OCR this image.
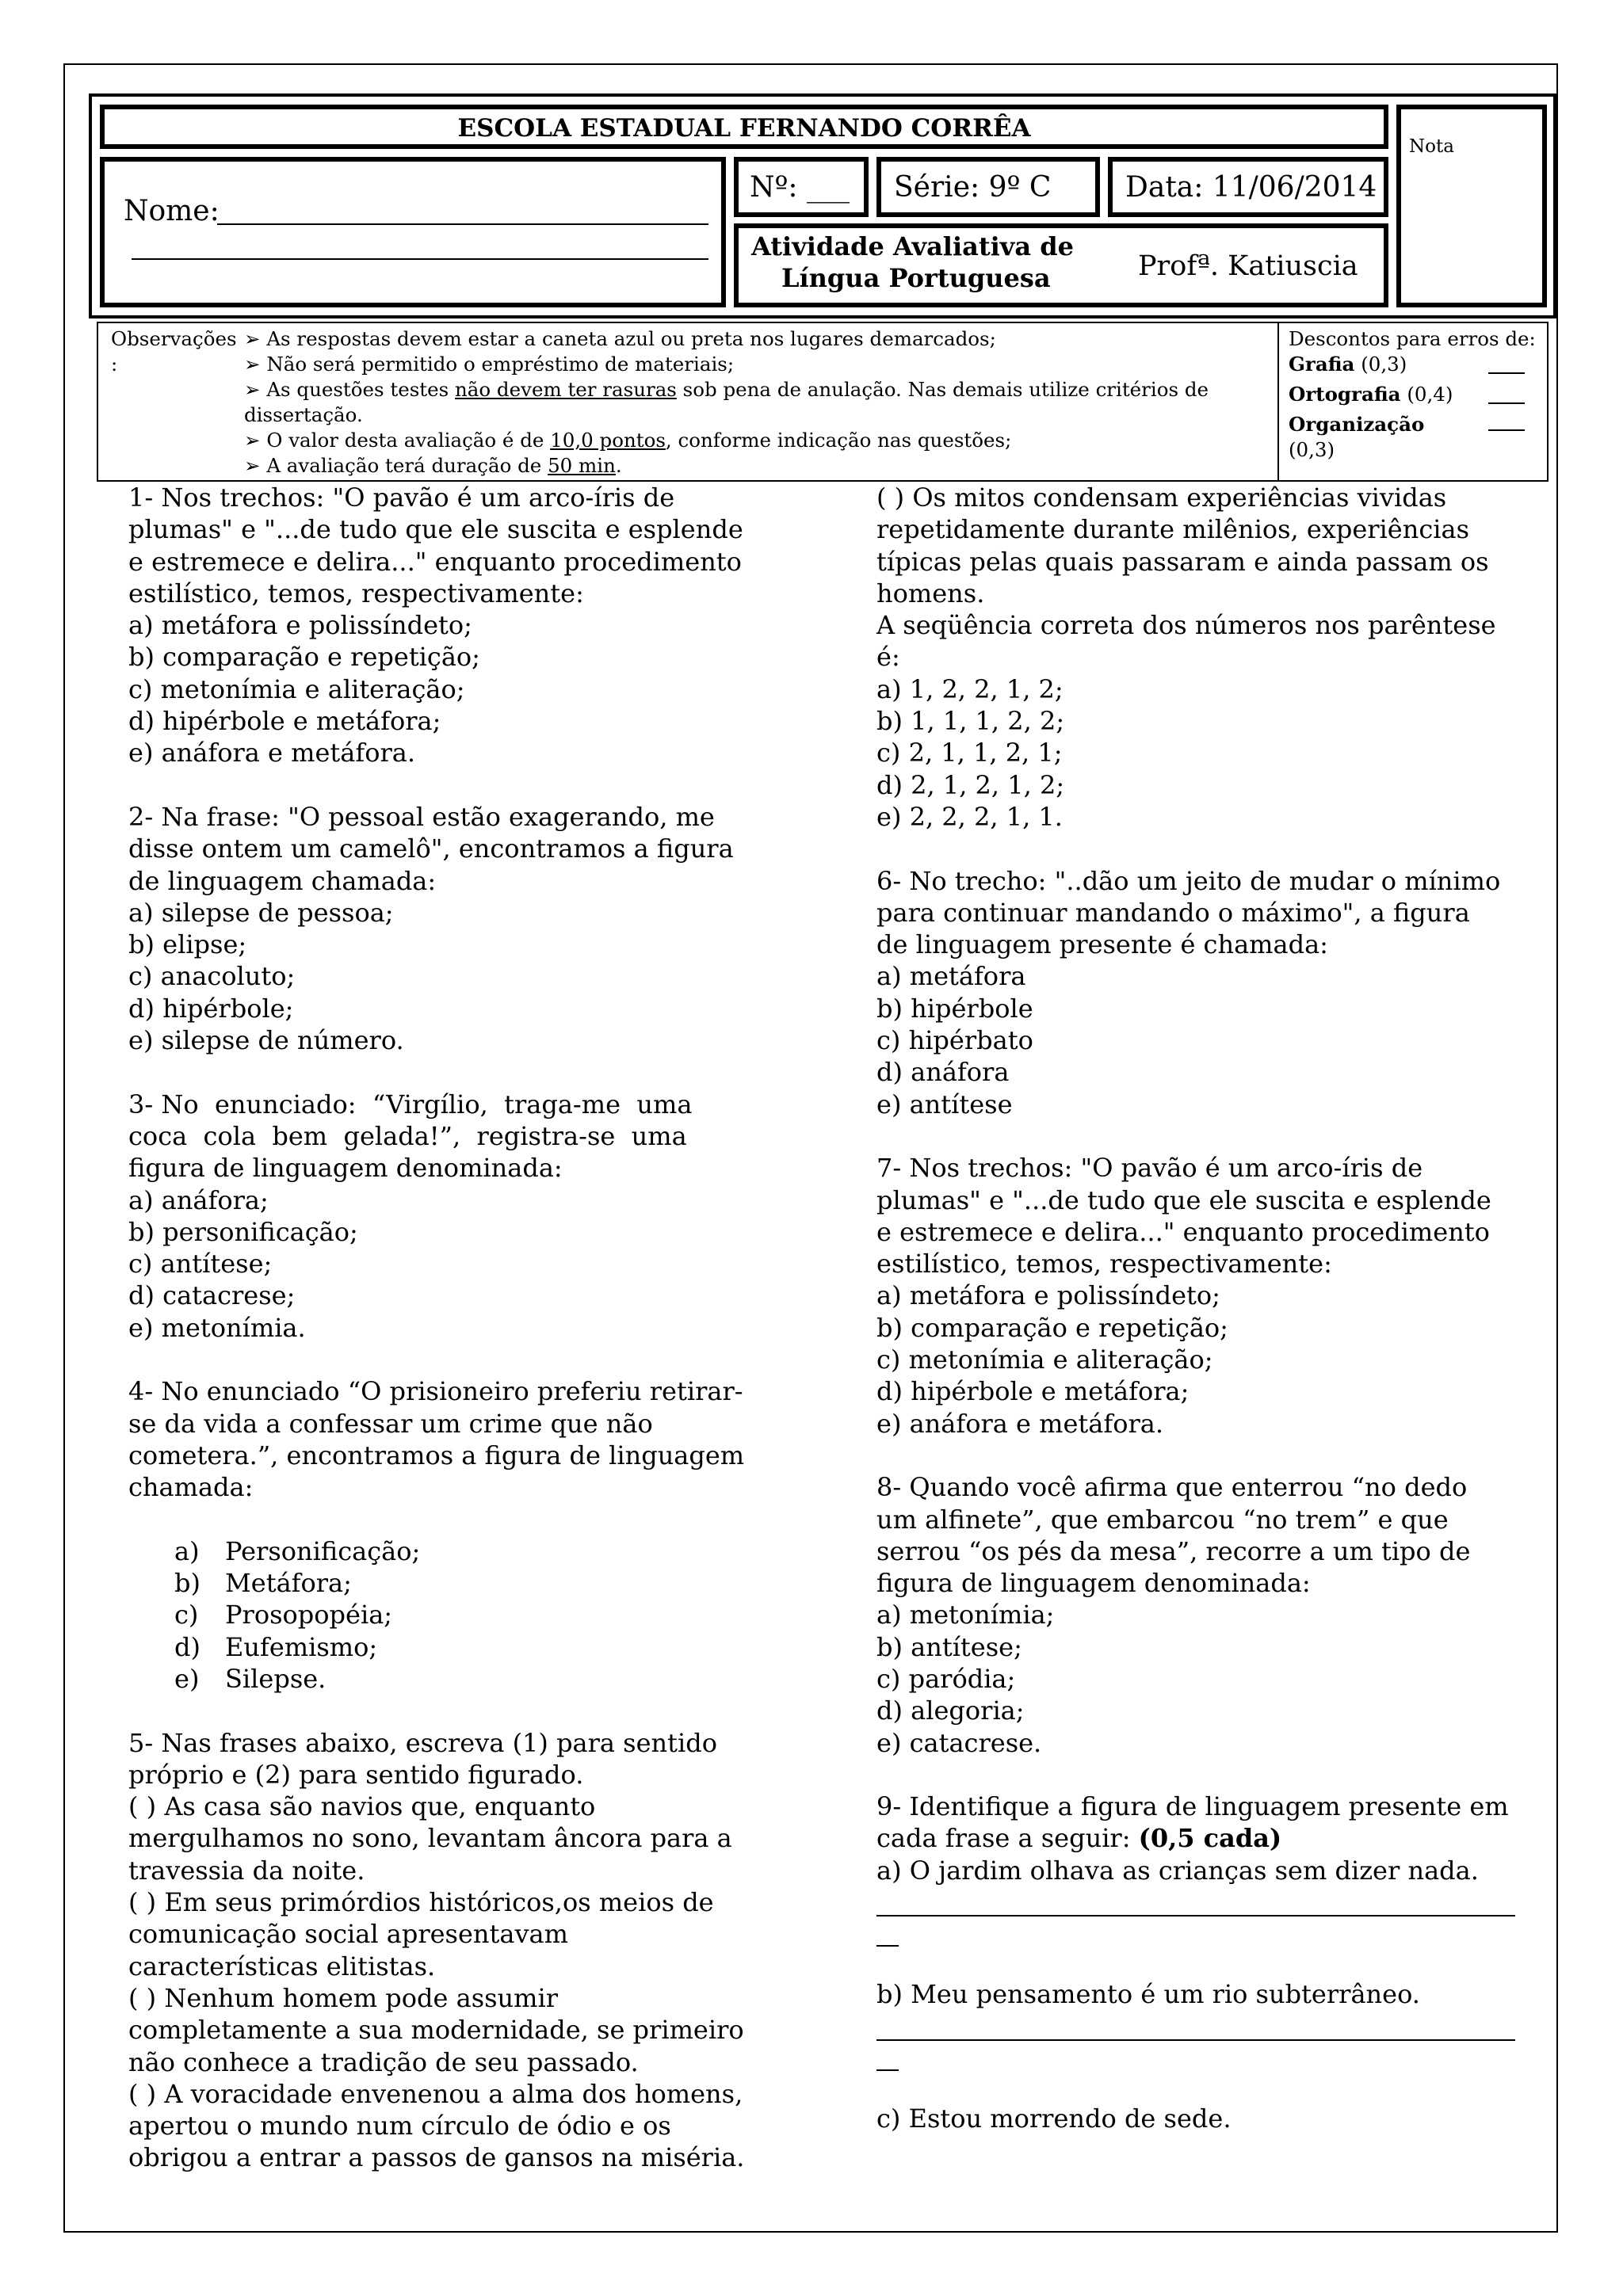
ESCOLA ESTADUAL FERNANDO CORRÊA
Nome:
Nº: ___ Série: 9º C	Data: 11/06/2014
Atividade Avaliativa de
Língua Portuguesa	Profª. Katiuscia
Nota
Observações :
➢ As respostas devem estar a caneta azul ou preta nos lugares demarcados;
➢ Não será permitido o empréstimo de materiais;
➢ As questões testes não devem ter rasuras sob pena de anulação. Nas demais utilize critérios de dissertação.
➢ O valor desta avaliação é de 10,0 pontos, conforme indicação nas questões;
➢ A avaliação terá duração de 50 min.
Descontos para erros de:
Grafia (0,3)
Ortografia (0,4)
Organização
(0,3)

1- Nos trechos: "O pavão é um arco-íris de

plumas" e "...de tudo que ele suscita e esplende

e estremece e delira..." enquanto procedimento

estilístico, temos, respectivamente:

a) metáfora e polissíndeto;

b) comparação e repetição;

c) metonímia e aliteração;

d) hipérbole e metáfora;

e) anáfora e metáfora.

2- Na frase: "O pessoal estão exagerando, me

disse ontem um camelô", encontramos a figura

de linguagem chamada:

a) silepse de pessoa;

b) elipse;

c) anacoluto;

d) hipérbole;

e) silepse de número.

3- No  enunciado:  “Virgílio,  traga-me  uma

coca  cola  bem  gelada!”,  registra-se  uma

figura de linguagem denominada:

a) anáfora;

b) personificação;

c) antítese;

d) catacrese;

e) metonímia.

4- No enunciado “O prisioneiro preferiu retirar-

se da vida a confessar um crime que não

cometera.”, encontramos a figura de linguagem

chamada:

a)	Personificação;
b) Metáfora;
c)	Prosopopéia;
d) Eufemismo;
e)	Silepse.

5- Nas frases abaixo, escreva (1) para sentido

próprio e (2) para sentido figurado.

( ) As casa são navios que, enquanto

mergulhamos no sono, levantam âncora para a

travessia da noite.

( ) Em seus primórdios históricos,os meios de

comunicação social apresentavam

características elitistas.

( ) Nenhum homem pode assumir

completamente a sua modernidade, se primeiro

não conhece a tradição de seu passado.

( ) A voracidade envenenou a alma dos homens,

apertou o mundo num círculo de ódio e os

obrigou a entrar a passos de gansos na miséria.

( ) Os mitos condensam experiências vividas

repetidamente durante milênios, experiências

típicas pelas quais passaram e ainda passam os

homens.

A seqüência correta dos números nos parêntese

é:

a) 1, 2, 2, 1, 2;

b) 1, 1, 1, 2, 2;

c) 2, 1, 1, 2, 1;

d) 2, 1, 2, 1, 2;

e) 2, 2, 2, 1, 1.

6- No trecho: "..dão um jeito de mudar o mínimo

para continuar mandando o máximo", a figura

de linguagem presente é chamada:

a) metáfora

b) hipérbole

c) hipérbato

d) anáfora

e) antítese

7- Nos trechos: "O pavão é um arco-íris de

plumas" e "...de tudo que ele suscita e esplende

e estremece e delira..." enquanto procedimento

estilístico, temos, respectivamente:

a) metáfora e polissíndeto;

b) comparação e repetição;

c) metonímia e aliteração;

d) hipérbole e metáfora;

e) anáfora e metáfora.

8- Quando você afirma que enterrou “no dedo

um alfinete”, que embarcou “no trem” e que

serrou “os pés da mesa”, recorre a um tipo de

figura de linguagem denominada:

a) metonímia;

b) antítese;

c) paródia;

d) alegoria;

e) catacrese.

9- Identifique a figura de linguagem presente em

cada frase a seguir: (0,5 cada)

a) O jardim olhava as crianças sem dizer nada.

b) Meu pensamento é um rio subterrâneo.

c) Estou morrendo de sede.
